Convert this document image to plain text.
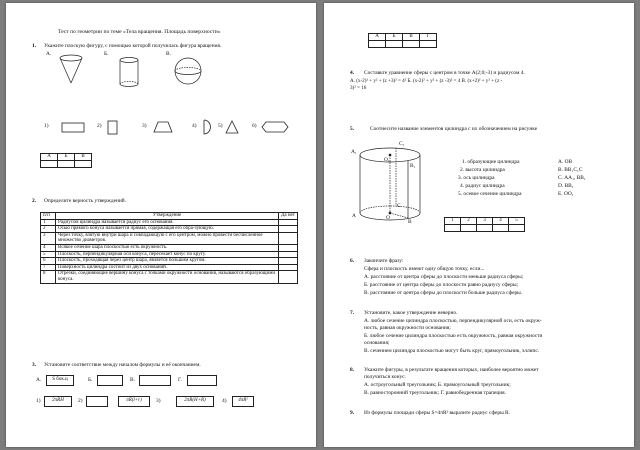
Тест по геометрии по теме «Тела вращения. Площадь поверхности»
1. Укажите плоскую фигуру, с помощью которой получилась фигура вращения.
А.	Б.	В.
1)	2)	3)	4)	5)	6)
А	Б	В

2. Определите верность утверждений.
п/п	Утверждение	Да нет
1	Радиусом цилиндра называется радиус его основания.	
2	Осью прямого конуса называется прямая, содержащая его обра-зующую.	
3	Через точку, взятую внутри шара и совпадающую с его центром, можно провести бесчисленное множество диаметров.	
4	Всякое сечение шара плоскостью есть окружность.	
5	Плоскость, перпендикулярная оси конуса, пересекает конус по кругу.	
6	Плоскость, проходящая через центр шара, является большим кругом.	
7	Поверхность цилиндра состоит из двух оснований.	
8	Отрезки, соединяющие вершину конуса с точками окружности основания, называются образующими конуса.	
3. Установите соответствие между началом формулы и её окончанием.
А.	S бок.ц	Б.	В.	Г.
1)	2πRH	2)	πR(l+r)	3)	2πR(H+R)	4)	4πR²
А	Б	В	Г

4. Составьте уравнение сферы с центром в точке А(2;0;-3) и радиусом 4.
А. (x-2)² + y² + (z +3)² = 4² Б. (x-2)² + y² + (z -3)² = 4 В. (x+2)² + y² + (z -
3)² = 16
5.	Соотнесите название элементов цилиндра с их обозначением на рисунке
А₁
О₁
С₁
В₁
А	О
В
С
1. образующие цилиндра
2. высота цилиндра
3. ось цилиндра
4. радиус цилиндра
5. осевое сечение цилиндра
А. ОВ
В. ВВ₁С₁С
С. АА₁, ВВ₁
D. ВВ₁
Е. ОО₁
1	2	3	4	5

6. Закончите фразу:
Сфера и плоскость имеют одну общую точку, если...
А. расстояние от центра сферы до плоскости меньше радиуса сферы;
Б. расстояние от центра сферы до плоскости равно радиусу сферы;
В. расстояние от центра сферы до плоскости больше радиуса сферы.
7. Установите, какое утверждение неверно.
А. любое сечение цилиндра плоскостью, перпендикулярной оси, есть окруж-
ность, равная окружности основания;
Б. любое сечение цилиндра плоскостью есть окружность, равная окружности
основания;
В. сечением цилиндра плоскостью могут быть круг, прямоугольник, эллипс.
8. Укажите фигуры, в результате вращения которых, наиболее вероятно может
получиться конус.
А. остроугольный треугольник; Б. прямоугольный треугольник;
В. равносторонний треугольник; Г. равнобедренная трапеция.
9. Из формулы площади сферы S=4πR² выразите радиус сферы R.
